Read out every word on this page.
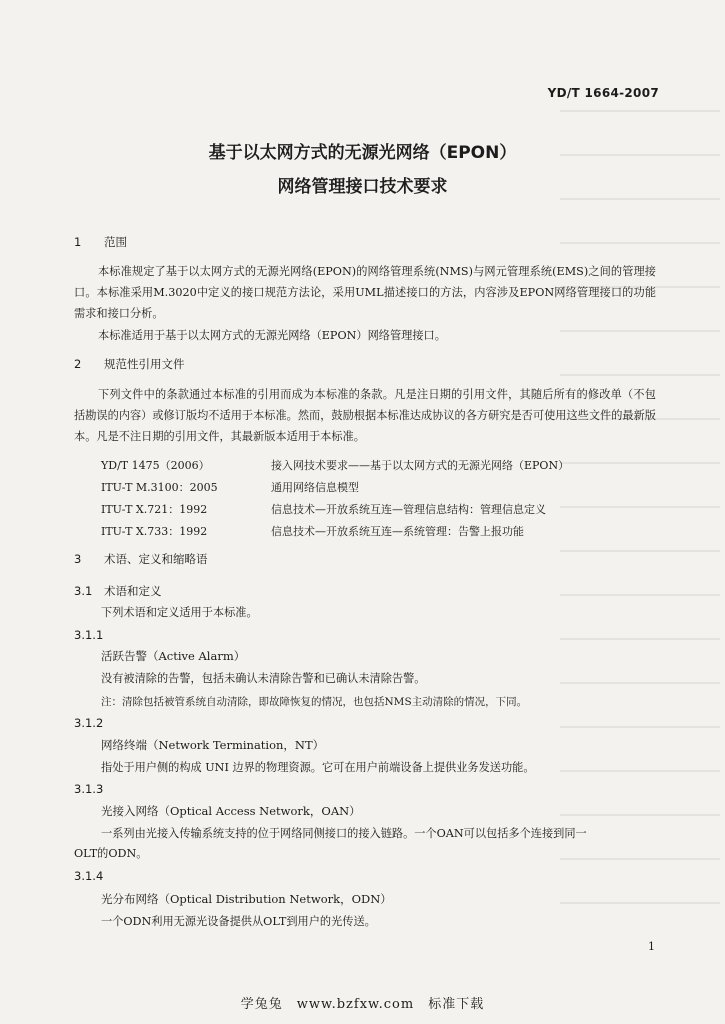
YD/T 1664-2007
基于以太网方式的无源光网络（EPON）
网络管理接口技术要求
1 范围
本标准规定了基于以太网方式的无源光网络(EPON)的网络管理系统(NMS)与网元管理系统(EMS)之间的管理接口。本标准采用M.3020中定义的接口规范方法论，采用UML描述接口的方法，内容涉及EPON网络管理接口的功能需求和接口分析。
本标准适用于基于以太网方式的无源光网络（EPON）网络管理接口。
2 规范性引用文件
下列文件中的条款通过本标准的引用而成为本标准的条款。凡是注日期的引用文件，其随后所有的修改单（不包括勘误的内容）或修订版均不适用于本标准。然而，鼓励根据本标准达成协议的各方研究是否可使用这些文件的最新版本。凡是不注日期的引用文件，其最新版本适用于本标准。
YD/T 1475（2006）	接入网技术要求——基于以太网方式的无源光网络（EPON）
ITU-T M.3100：2005	通用网络信息模型
ITU-T X.721：1992	信息技术—开放系统互连—管理信息结构：管理信息定义
ITU-T X.733：1992	信息技术—开放系统互连—系统管理：告警上报功能
3 术语、定义和缩略语
3.1 术语和定义
下列术语和定义适用于本标准。
3.1.1
活跃告警（Active Alarm）
没有被清除的告警，包括未确认未清除告警和已确认未清除告警。
注：清除包括被管系统自动清除，即故障恢复的情况，也包括NMS主动清除的情况，下同。
3.1.2
网络终端（Network Termination，NT）
指处于用户侧的构成 UNI 边界的物理资源。它可在用户前端设备上提供业务发送功能。
3.1.3
光接入网络（Optical Access Network，OAN）
一系列由光接入传输系统支持的位于网络同侧接口的接入链路。一个OAN可以包括多个连接到同一
OLT的ODN。
3.1.4
光分布网络（Optical Distribution Network，ODN）
一个ODN利用无源光设备提供从OLT到用户的光传送。
1
学兔兔　www.bzfxw.com　标准下载
